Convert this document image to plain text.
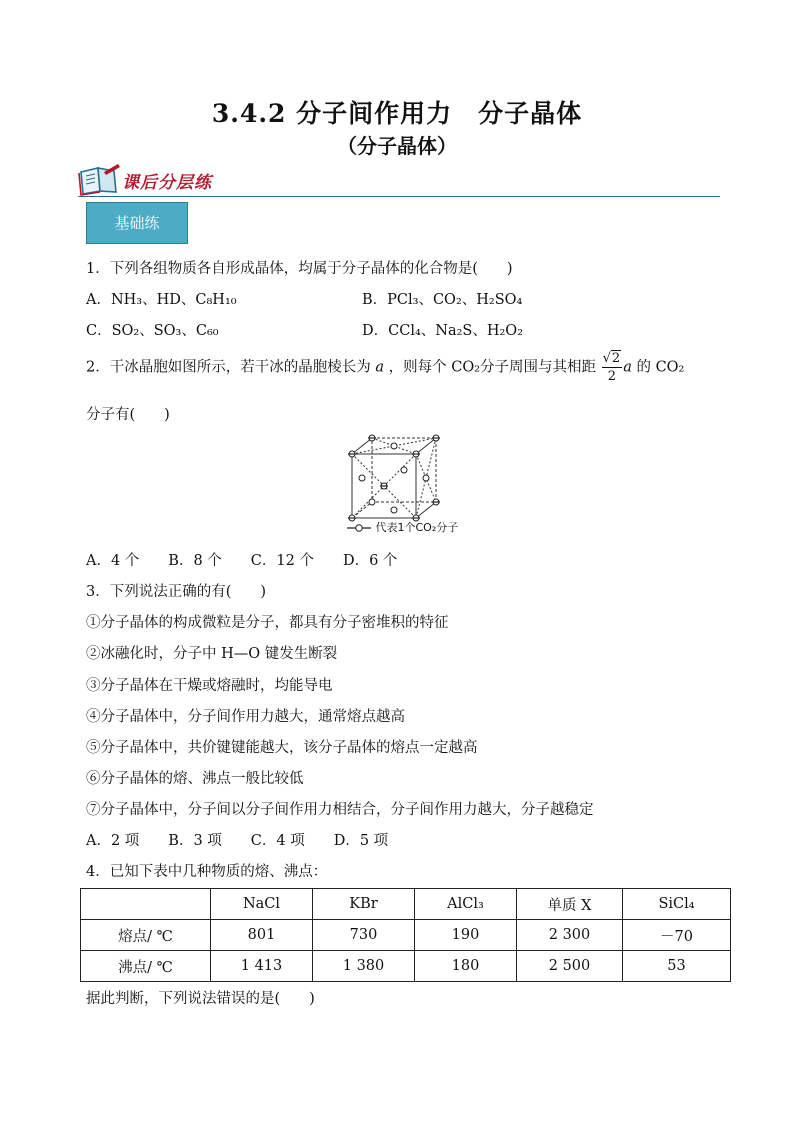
3.4.2 分子间作用力　分子晶体
（分子晶体）
课后分层练
基础练
1．下列各组物质各自形成晶体，均属于分子晶体的化合物是(　　)
A．NH₃、HD、C₈H₁₀	B．PCl₃、CO₂、H₂SO₄
C．SO₂、SO₃、C₆₀	D．CCl₄、Na₂S、H₂O₂
2．干冰晶胞如图所示，若干冰的晶胞棱长为 a ，则每个 CO₂分子周围与其相距 $\frac{√2}{2}$ a 的 CO₂
分子有(　　)
代表1个CO₂分子
A．4 个　　B．8 个　　C．12 个　　D．6 个
3．下列说法正确的有(　　)
①分子晶体的构成微粒是分子，都具有分子密堆积的特征
②冰融化时，分子中 H—O 键发生断裂
③分子晶体在干燥或熔融时，均能导电
④分子晶体中，分子间作用力越大，通常熔点越高
⑤分子晶体中，共价键键能越大，该分子晶体的熔点一定越高
⑥分子晶体的熔、沸点一般比较低
⑦分子晶体中，分子间以分子间作用力相结合，分子间作用力越大，分子越稳定
A．2 项　　B．3 项　　C．4 项　　D．5 项
4．已知下表中几种物质的熔、沸点：
	NaCl	KBr	AlCl₃	单质 X	SiCl₄
熔点/ ℃	801	730	190	2 300	－70
沸点/ ℃	1 413	1 380	180	2 500	53
据此判断，下列说法错误的是(　　)
